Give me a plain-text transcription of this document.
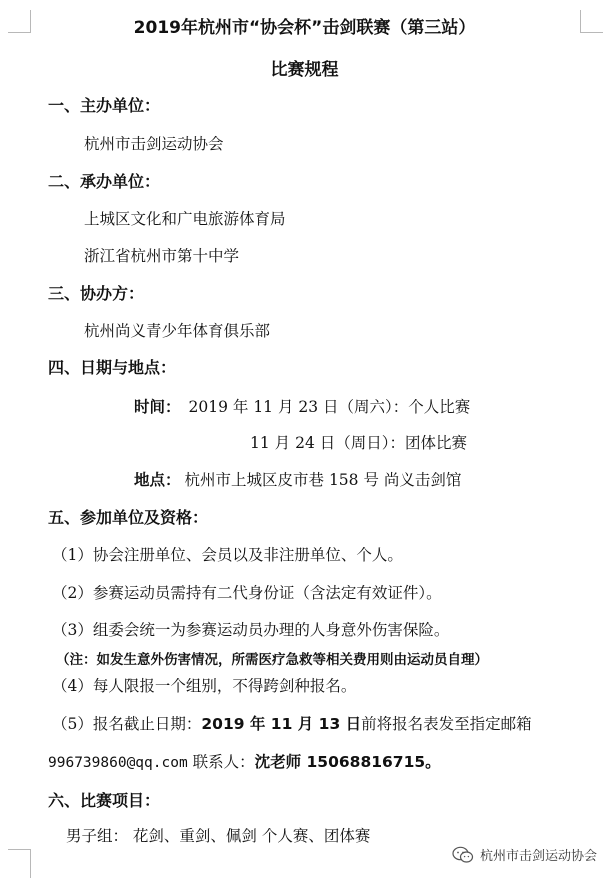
2019年杭州市“协会杯”击剑联赛（第三站）
比赛规程
一、主办单位：
杭州市击剑运动协会
二、承办单位：
上城区文化和广电旅游体育局
浙江省杭州市第十中学
三、协办方：
杭州尚义青少年体育俱乐部
四、日期与地点：
时间： 2019 年 11 月 23 日（周六）：个人比赛
11 月 24 日（周日）：团体比赛
地点： 杭州市上城区皮市巷 158 号 尚义击剑馆
五、参加单位及资格：
（1）协会注册单位、会员以及非注册单位、个人。
（2）参赛运动员需持有二代身份证（含法定有效证件）。
（3）组委会统一为参赛运动员办理的人身意外伤害保险。
（注：如发生意外伤害情况，所需医疗急救等相关费用则由运动员自理）
（4）每人限报一个组别，不得跨剑种报名。
（5）报名截止日期：2019 年 11 月 13 日前将报名表发至指定邮箱
996739860@qq.com 联系人：沈老师 15068816715。
六、比赛项目：
男子组： 花剑、重剑、佩剑 个人赛、团体赛
杭州市击剑运动协会
